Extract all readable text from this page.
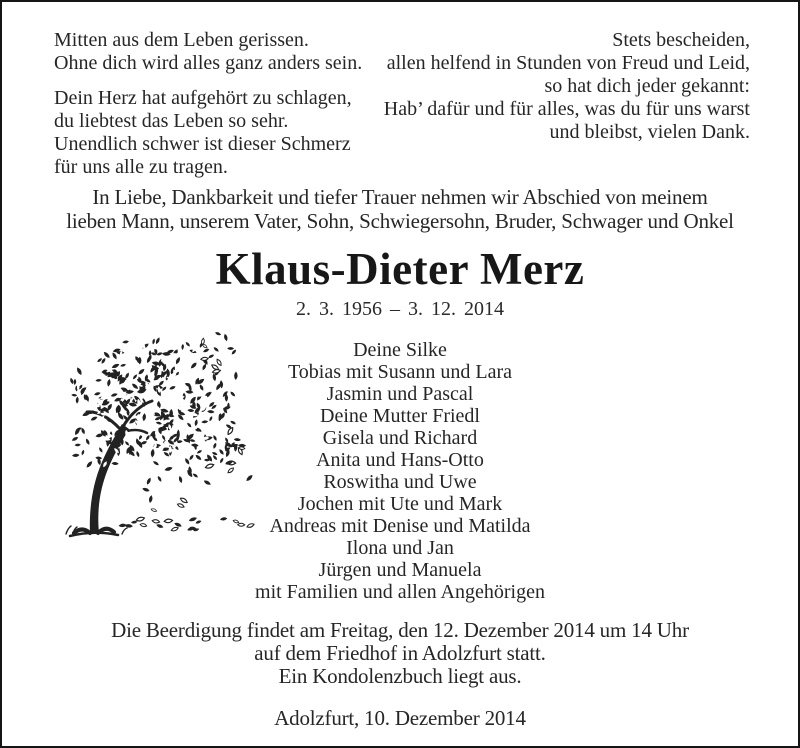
Mitten aus dem Leben gerissen.
Ohne dich wird alles ganz anders sein.
Dein Herz hat aufgehört zu schlagen,
du liebtest das Leben so sehr.
Unendlich schwer ist dieser Schmerz
für uns alle zu tragen.
Stets bescheiden,
allen helfend in Stunden von Freud und Leid,
so hat dich jeder gekannt:
Hab’ dafür und für alles, was du für uns warst
und bleibst, vielen Dank.
In Liebe, Dankbarkeit und tiefer Trauer nehmen wir Abschied von meinem
lieben Mann, unserem Vater, Sohn, Schwiegersohn, Bruder, Schwager und Onkel
Klaus-Dieter Merz
2. 3. 1956 – 3. 12. 2014
Deine Silke
Tobias mit Susann und Lara
Jasmin und Pascal
Deine Mutter Friedl
Gisela und Richard
Anita und Hans-Otto
Roswitha und Uwe
Jochen mit Ute und Mark
Andreas mit Denise und Matilda
Ilona und Jan
Jürgen und Manuela
mit Familien und allen Angehörigen
Die Beerdigung findet am Freitag, den 12. Dezember 2014 um 14 Uhr
auf dem Friedhof in Adolzfurt statt.
Ein Kondolenzbuch liegt aus.
Adolzfurt, 10. Dezember 2014
